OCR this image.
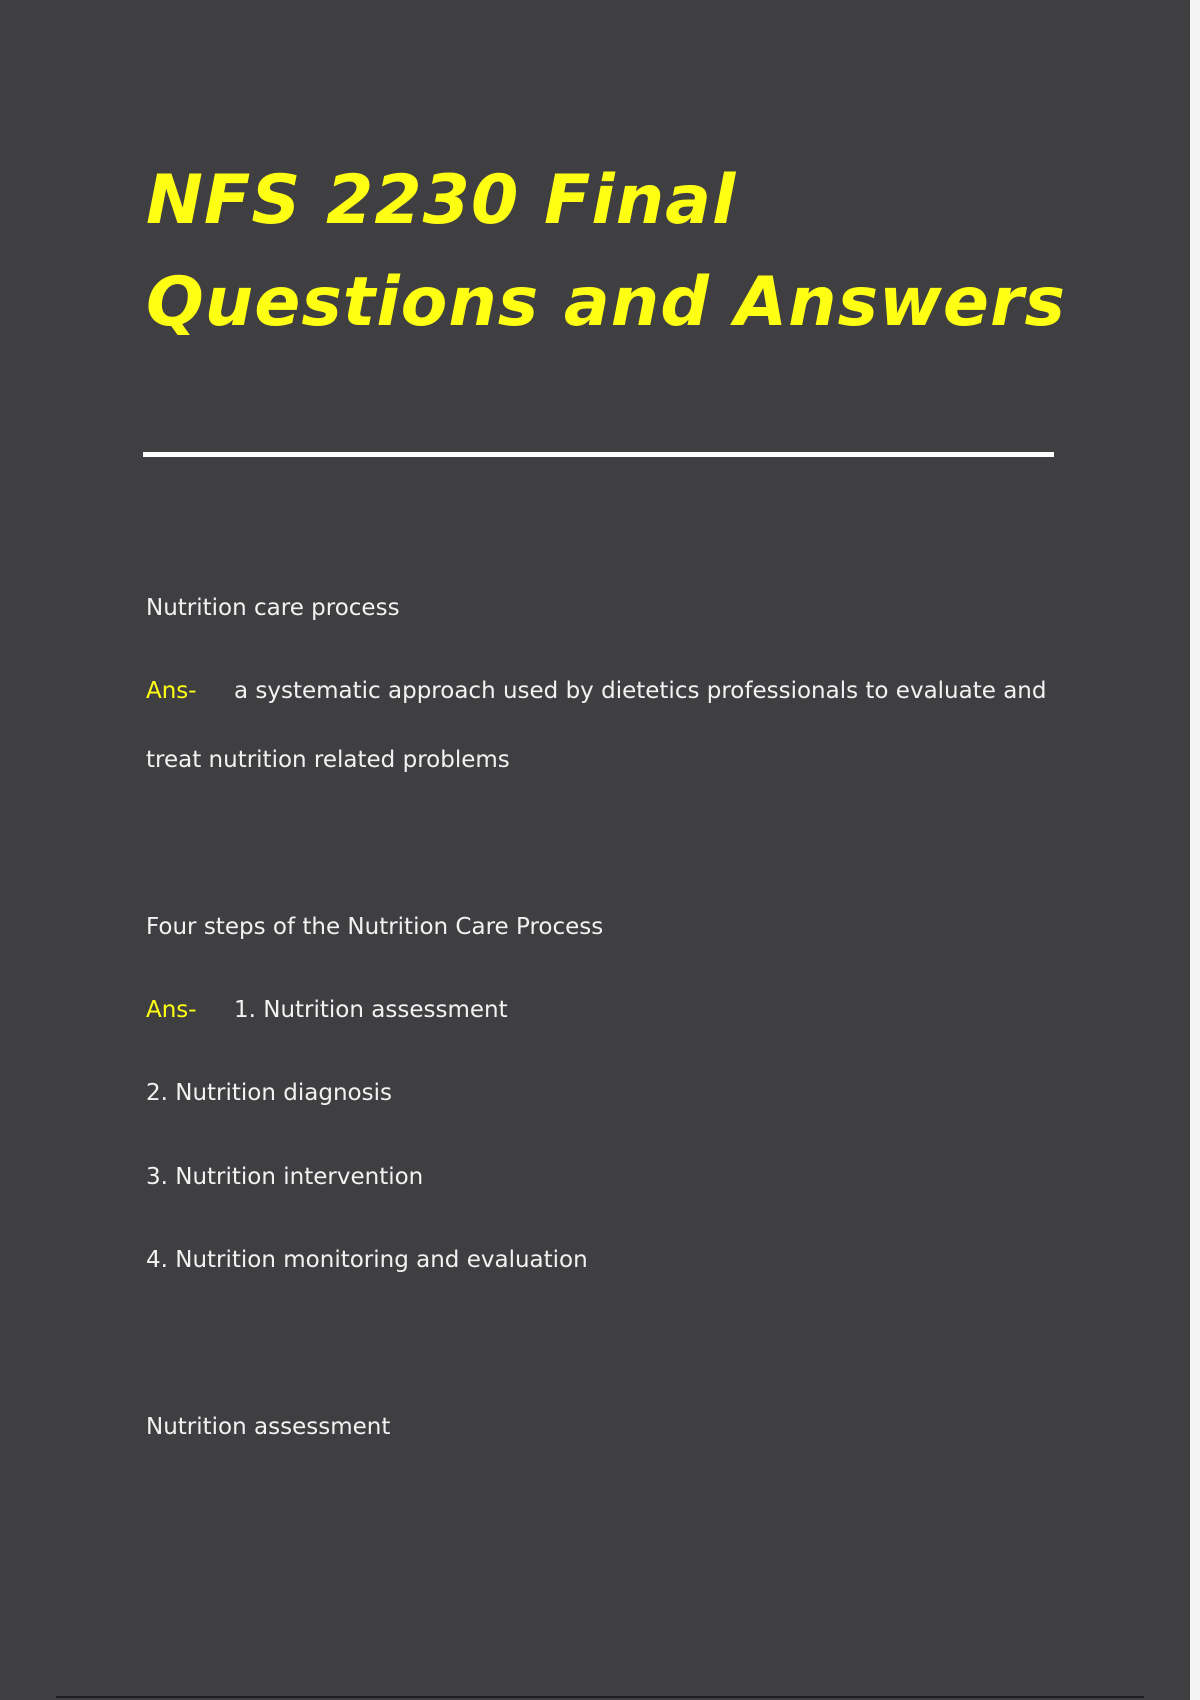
NFS 2230 Final
Questions and Answers

Nutrition care process

Ans- a systematic approach used by dietetics professionals to evaluate and

treat nutrition related problems

Four steps of the Nutrition Care Process

Ans- 1. Nutrition assessment

2. Nutrition diagnosis

3. Nutrition intervention

4. Nutrition monitoring and evaluation

Nutrition assessment
